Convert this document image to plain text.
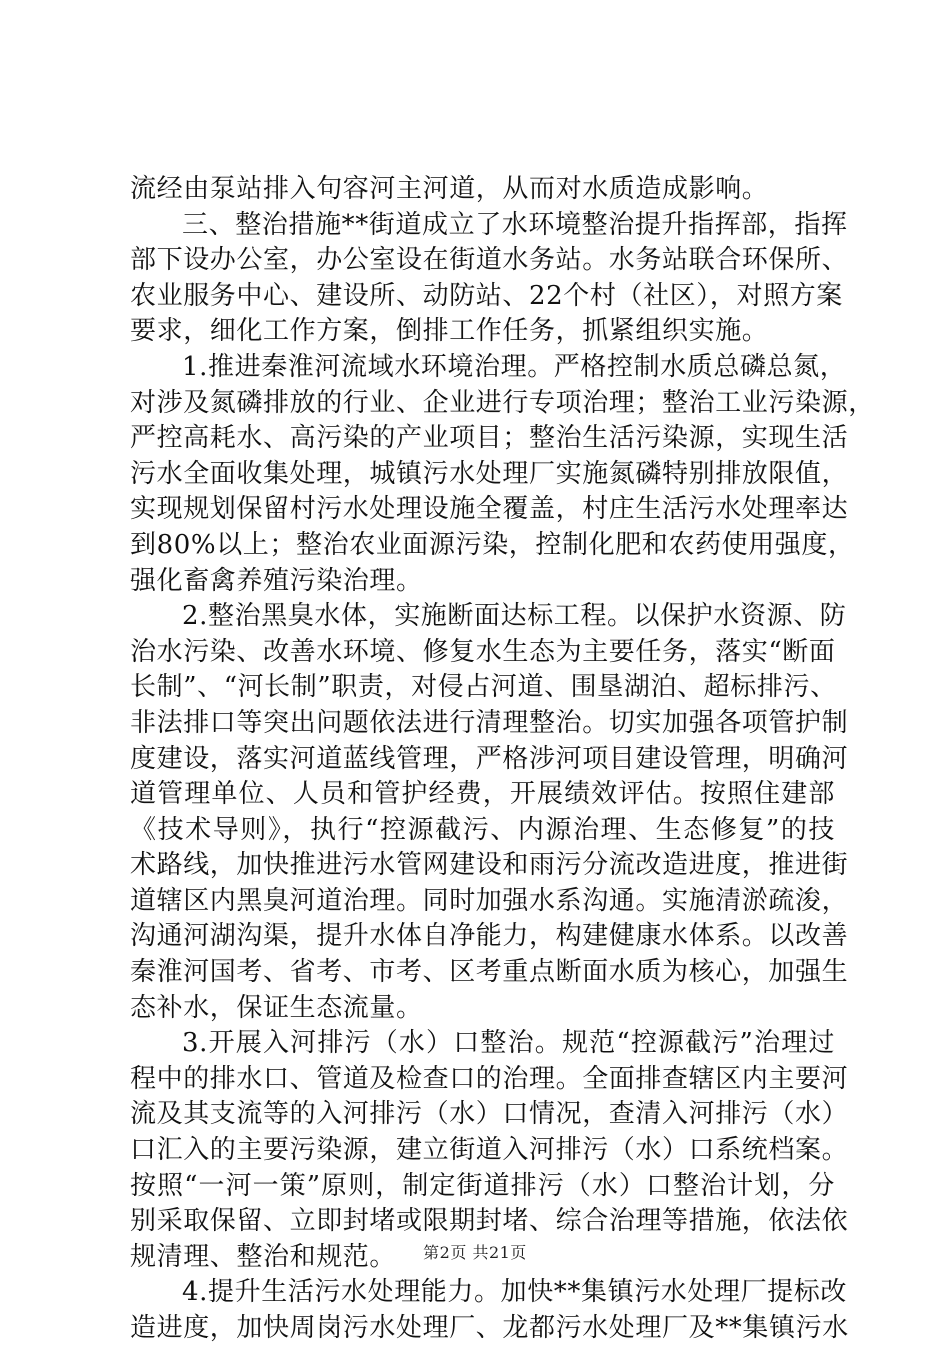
流经由泵站排入句容河主河道，从而对水质造成影响。
三、整治措施**街道成立了水环境整治提升指挥部，指挥
部下设办公室，办公室设在街道水务站。水务站联合环保所、
农业服务中心、建设所、动防站、22个村（社区），对照方案
要求，细化工作方案，倒排工作任务，抓紧组织实施。
1.推进秦淮河流域水环境治理。严格控制水质总磷总氮，
对涉及氮磷排放的行业、企业进行专项治理；整治工业污染源，
严控高耗水、高污染的产业项目；整治生活污染源，实现生活
污水全面收集处理，城镇污水处理厂实施氮磷特别排放限值，
实现规划保留村污水处理设施全覆盖，村庄生活污水处理率达
到80%以上；整治农业面源污染，控制化肥和农药使用强度，
强化畜禽养殖污染治理。
2.整治黑臭水体，实施断面达标工程。以保护水资源、防
治水污染、改善水环境、修复水生态为主要任务，落实“断面
长制”、“河长制”职责，对侵占河道、围垦湖泊、超标排污、
非法排口等突出问题依法进行清理整治。切实加强各项管护制
度建设，落实河道蓝线管理，严格涉河项目建设管理，明确河
道管理单位、人员和管护经费，开展绩效评估。按照住建部
《技术导则》，执行“控源截污、内源治理、生态修复”的技
术路线，加快推进污水管网建设和雨污分流改造进度，推进街
道辖区内黑臭河道治理。同时加强水系沟通。实施清淤疏浚，
沟通河湖沟渠，提升水体自净能力，构建健康水体系。以改善
秦淮河国考、省考、市考、区考重点断面水质为核心，加强生
态补水，保证生态流量。
3.开展入河排污（水）口整治。规范“控源截污”治理过
程中的排水口、管道及检查口的治理。全面排查辖区内主要河
流及其支流等的入河排污（水）口情况，查清入河排污（水）
口汇入的主要污染源，建立街道入河排污（水）口系统档案。
按照“一河一策”原则，制定街道排污（水）口整治计划，分
别采取保留、立即封堵或限期封堵、综合治理等措施，依法依
规清理、整治和规范。
4.提升生活污水处理能力。加快**集镇污水处理厂提标改
造进度，加快周岗污水处理厂、龙都污水处理厂及**集镇污水
第2页 共21页
